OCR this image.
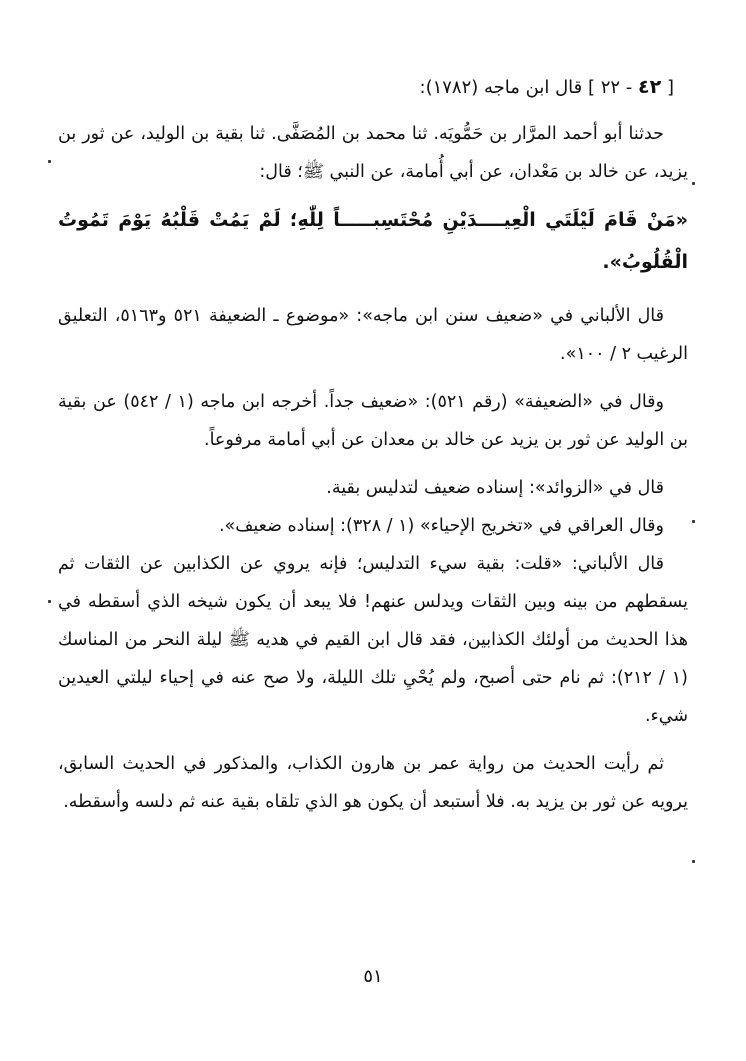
[ ٤٢ - ٢٢ ] قال ابن ماجه (١٧٨٢):

حدثنا أبو أحمد المرَّار بن حَمُّويَه. ثنا محمد بن المُصَفَّى. ثنا بقية بن الوليد، عن ثور بن يزيد، عن خالد بن مَعْدان، عن أبي أُمامة، عن النبي ﷺ؛ قال:

«مَنْ قَامَ لَيْلَتَي الْعِيــــدَيْنِ مُحْتَسِبـــــاً لِلّٰهِ؛ لَمْ يَمُتْ قَلْبُهُ يَوْمَ تَمُوتُ الْقُلُوبُ».

قال الألباني في «ضعيف سنن ابن ماجه»: «موضوع ـ الضعيفة ٥٢١ و٥١٦٣، التعليق الرغيب ٢ / ١٠٠».

وقال في «الضعيفة» (رقم ٥٢١): «ضعيف جداً. أخرجه ابن ماجه (١ / ٥٤٢) عن بقية بن الوليد عن ثور بن يزيد عن خالد بن معدان عن أبي أمامة مرفوعاً.

قال في «الزوائد»: إسناده ضعيف لتدليس بقية.

وقال العراقي في «تخريج الإحياء» (١ / ٣٢٨): إسناده ضعيف».

قال الألباني: «قلت: بقية سيء التدليس؛ فإنه يروي عن الكذابين عن الثقات ثم يسقطهم من بينه وبين الثقات ويدلس عنهم! فلا يبعد أن يكون شيخه الذي أسقطه في هذا الحديث من أولئك الكذابين، فقد قال ابن القيم في هديه ﷺ ليلة النحر من المناسك (١ / ٢١٢): ثم نام حتى أصبح، ولم يُحْيِ تلك الليلة، ولا صح عنه في إحياء ليلتي العيدين شيء.

ثم رأيت الحديث من رواية عمر بن هارون الكذاب، والمذكور في الحديث السابق، يرويه عن ثور بن يزيد به. فلا أستبعد أن يكون هو الذي تلقاه بقية عنه ثم دلسه وأسقطه.

٥١
